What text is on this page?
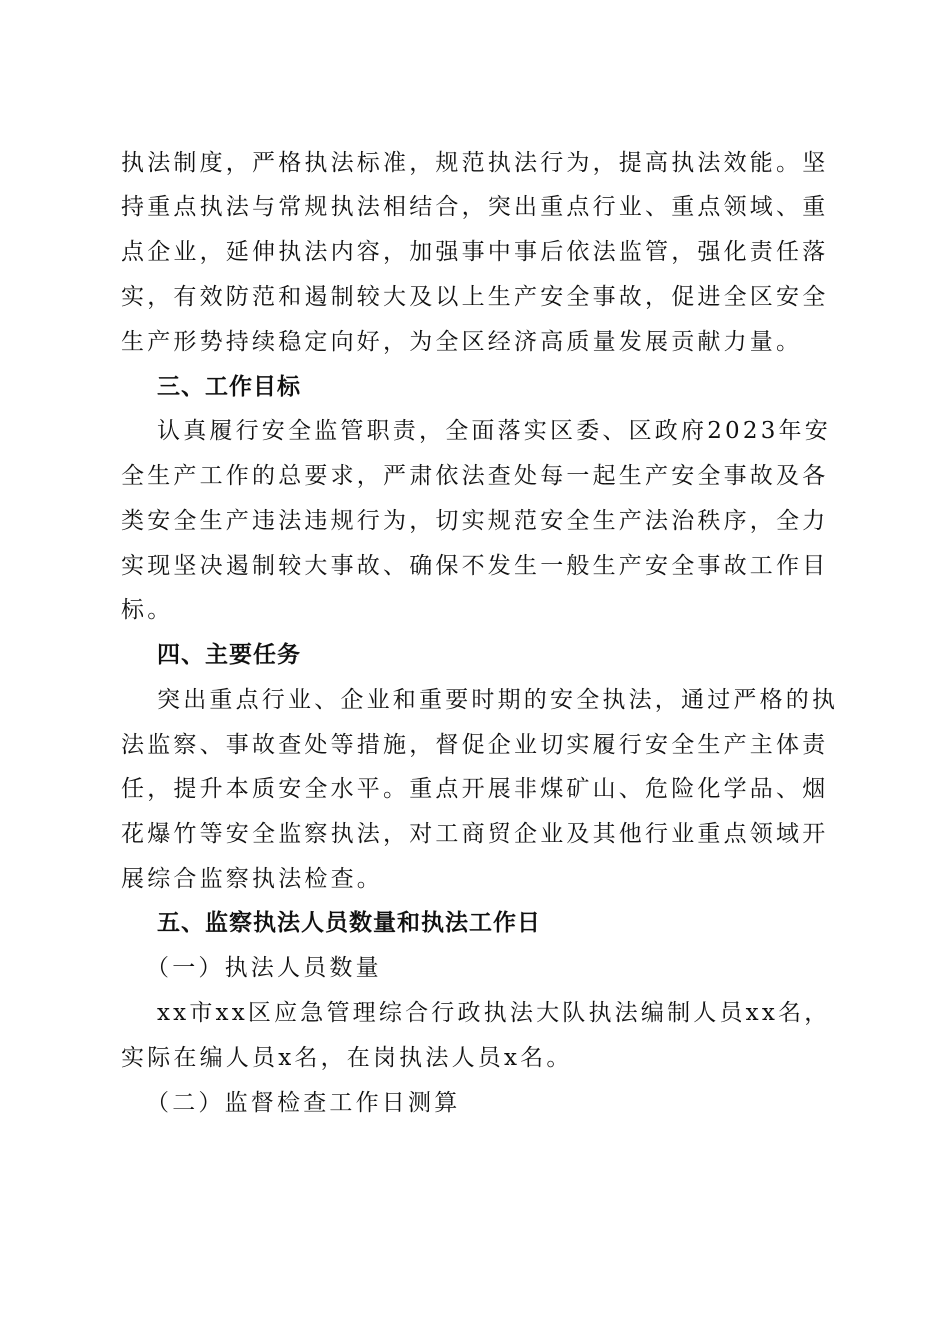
执法制度，严格执法标准，规范执法行为，提高执法效能。坚
持重点执法与常规执法相结合，突出重点行业、重点领域、重
点企业，延伸执法内容，加强事中事后依法监管，强化责任落
实，有效防范和遏制较大及以上生产安全事故，促进全区安全
生产形势持续稳定向好，为全区经济高质量发展贡献力量。
三、工作目标
认真履行安全监管职责，全面落实区委、区政府2023年安
全生产工作的总要求，严肃依法查处每一起生产安全事故及各
类安全生产违法违规行为，切实规范安全生产法治秩序，全力
实现坚决遏制较大事故、确保不发生一般生产安全事故工作目
标。
四、主要任务
突出重点行业、企业和重要时期的安全执法，通过严格的执
法监察、事故查处等措施，督促企业切实履行安全生产主体责
任，提升本质安全水平。重点开展非煤矿山、危险化学品、烟
花爆竹等安全监察执法，对工商贸企业及其他行业重点领域开
展综合监察执法检查。
五、监察执法人员数量和执法工作日
（一）执法人员数量
xx市xx区应急管理综合行政执法大队执法编制人员xx名，
实际在编人员x名，在岗执法人员x名。
（二）监督检查工作日测算
